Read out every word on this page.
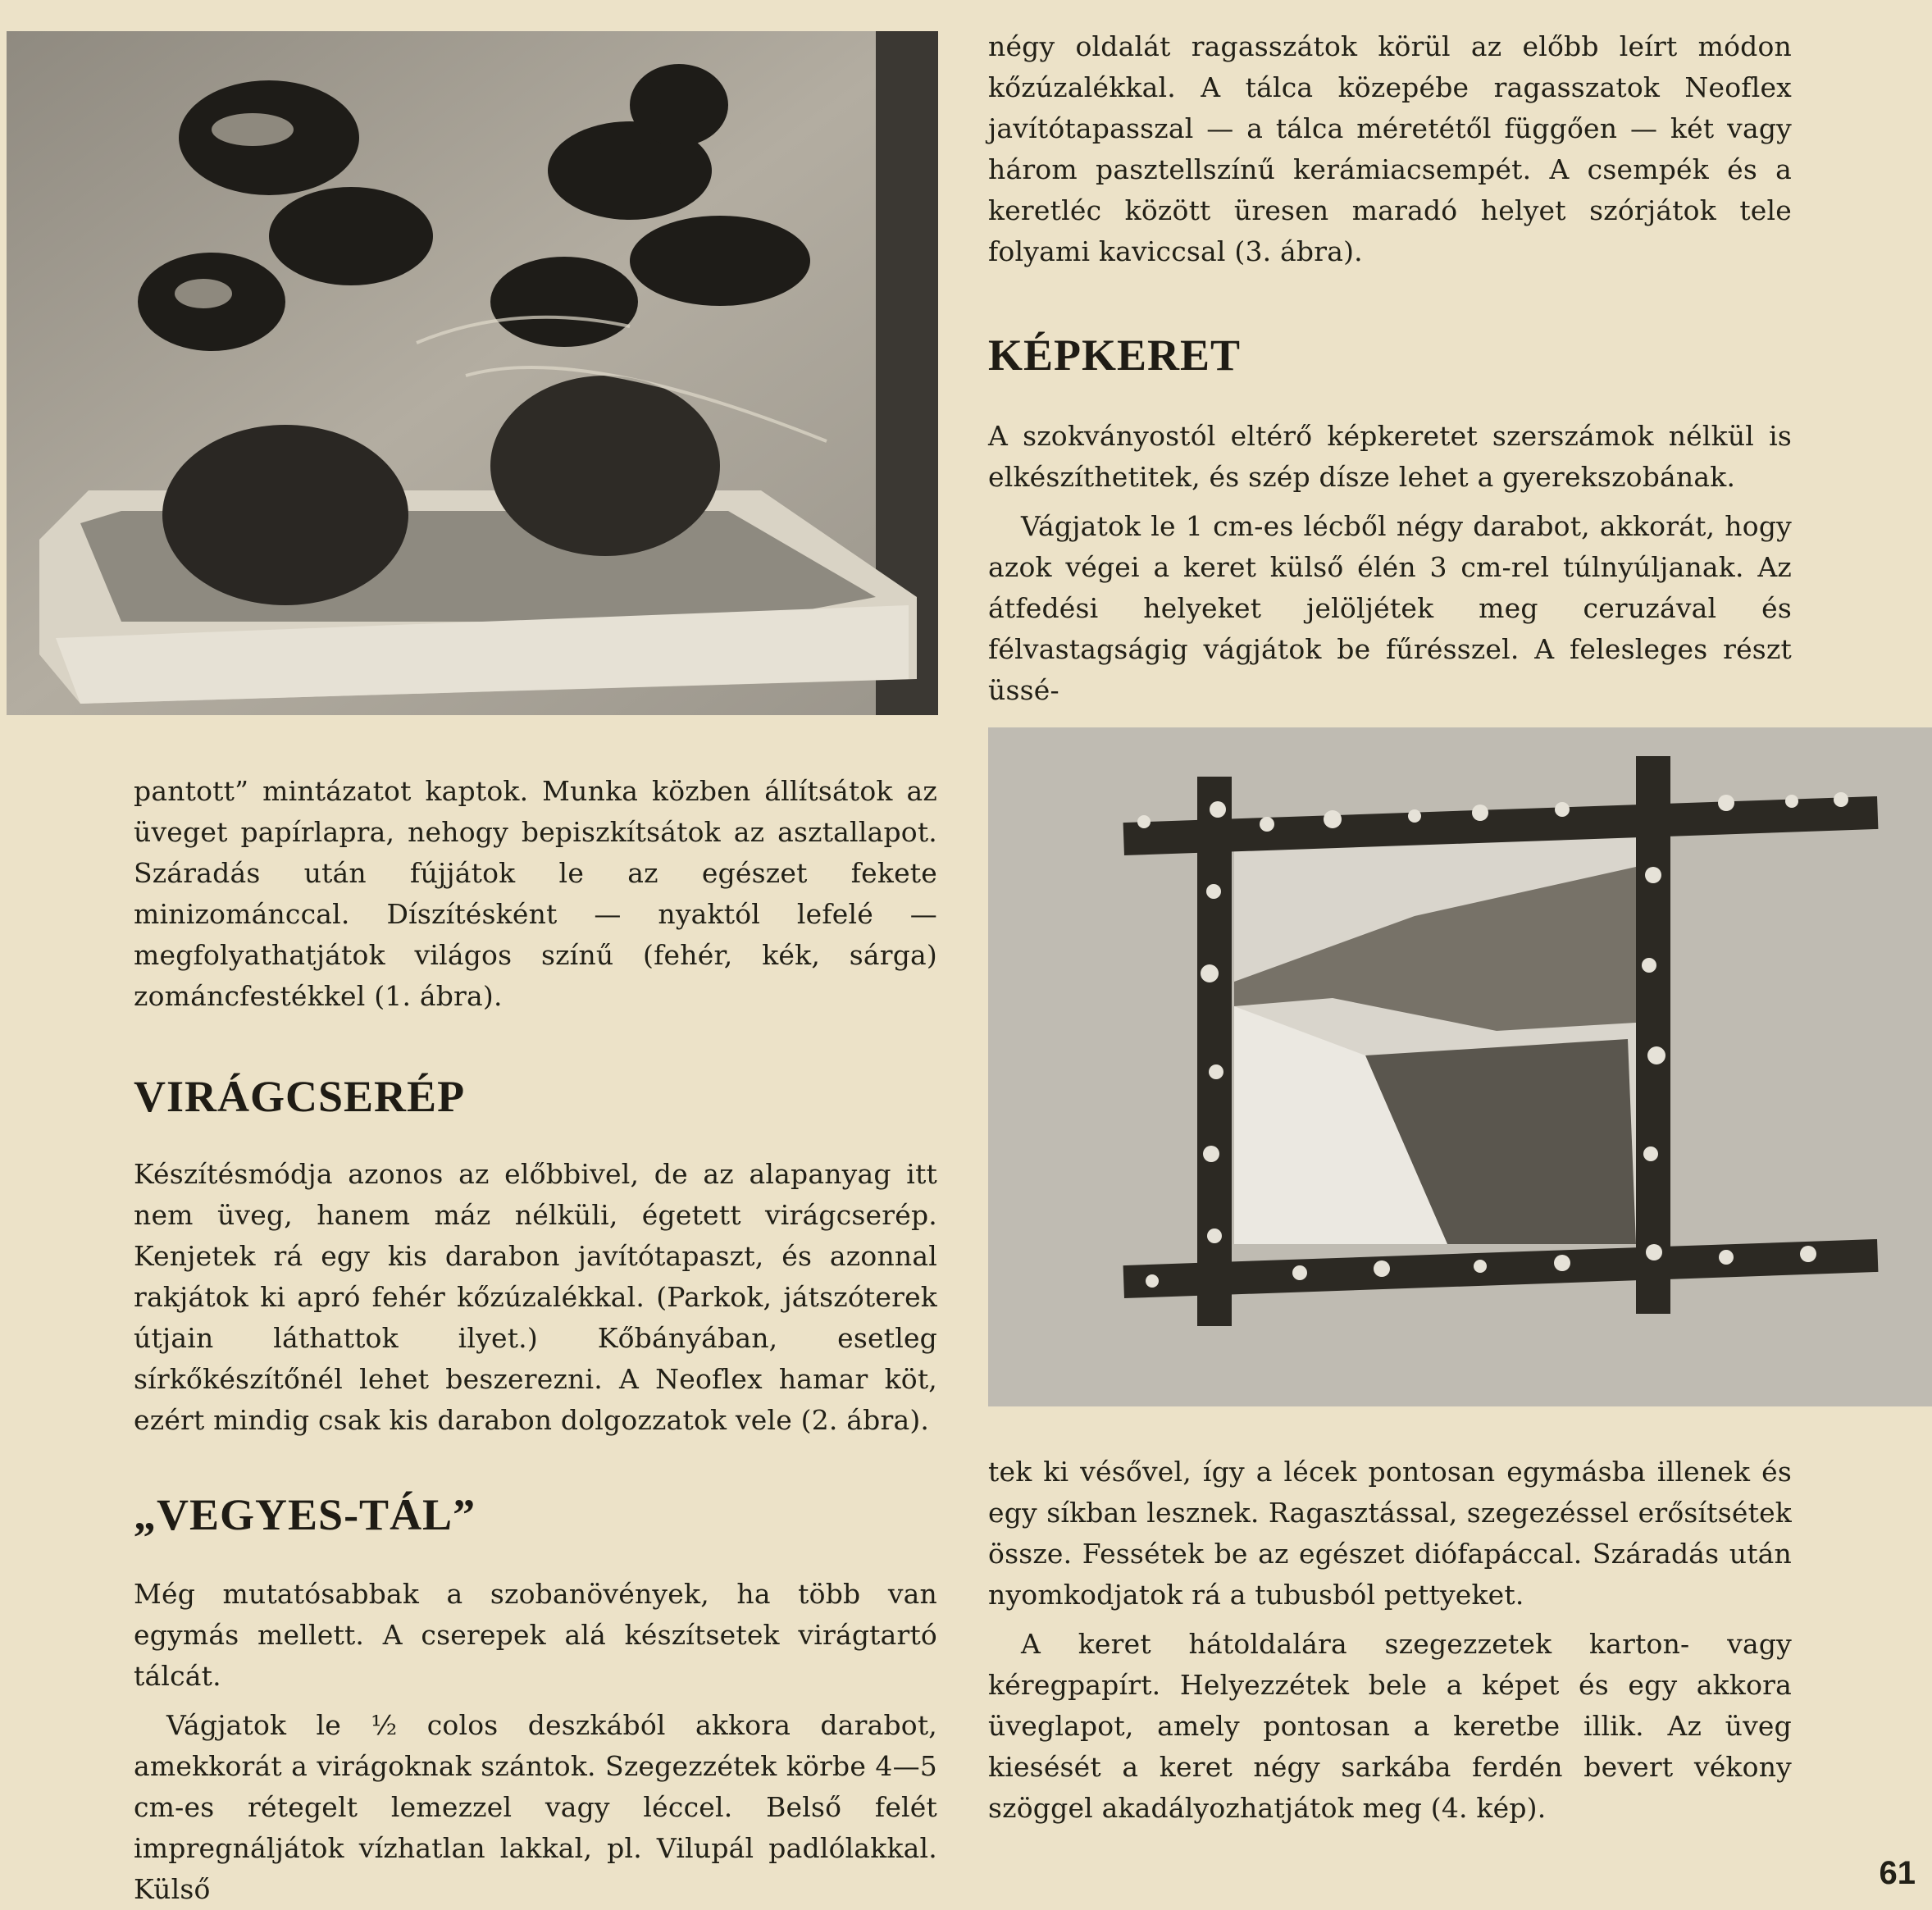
négy oldalát ragasszátok körül az előbb leírt módon kőzúzalékkal. A tálca közepébe ragasszatok Neoflex javítótapasszal — a tálca méretétől függően — két vagy három pasztellszínű kerámiacsempét. A csempék és a keretléc között üresen maradó helyet szórjátok tele folyami kaviccsal (3. ábra).

KÉPKERET

A szokványostól eltérő képkeretet szerszámok nélkül is elkészíthetitek, és szép dísze lehet a gyerekszobának.

Vágjatok le 1 cm-es lécből négy darabot, akkorát, hogy azok végei a keret külső élén 3 cm-rel túlnyúljanak. Az átfedési helyeket jelöljétek meg ceruzával és félvastagságig vágjátok be fűrésszel. A felesleges részt üssé-

tek ki vésővel, így a lécek pontosan egymásba illenek és egy síkban lesznek. Ragasztással, szegezéssel erősítsétek össze. Fessétek be az egészet diófapáccal. Száradás után nyomkodjatok rá a tubusból pettyeket.

A keret hátoldalára szegezzetek karton- vagy kéregpapírt. Helyezzétek bele a képet és egy akkora üveglapot, amely pontosan a keretbe illik. Az üveg kiesését a keret négy sarkába ferdén bevert vékony szöggel akadályozhatjátok meg (4. kép).

pantott” mintázatot kaptok. Munka közben állítsátok az üveget papírlapra, nehogy bepiszkítsátok az asztallapot. Száradás után fújjátok le az egészet fekete minizománccal. Díszítésként — nyaktól lefelé — megfolyathatjátok világos színű (fehér, kék, sárga) zománcfestékkel (1. ábra).

VIRÁGCSERÉP

Készítésmódja azonos az előbbivel, de az alapanyag itt nem üveg, hanem máz nélküli, égetett virágcserép. Kenjetek rá egy kis darabon javítótapaszt, és azonnal rakjátok ki apró fehér kőzúzalékkal. (Parkok, játszóterek útjain láthattok ilyet.) Kőbányában, esetleg sírkőkészítőnél lehet beszerezni. A Neoflex hamar köt, ezért mindig csak kis darabon dolgozzatok vele (2. ábra).

„VEGYES-TÁL”

Még mutatósabbak a szobanövények, ha több van egymás mellett. A cserepek alá készítsetek virágtartó tálcát.

Vágjatok le ½ colos deszkából akkora darabot, amekkorát a virágoknak szántok. Szegezzétek körbe 4—5 cm-es rétegelt lemezzel vagy léccel. Belső felét impregnáljátok vízhatlan lakkal, pl. Vilupál padlólakkal. Külső	61
